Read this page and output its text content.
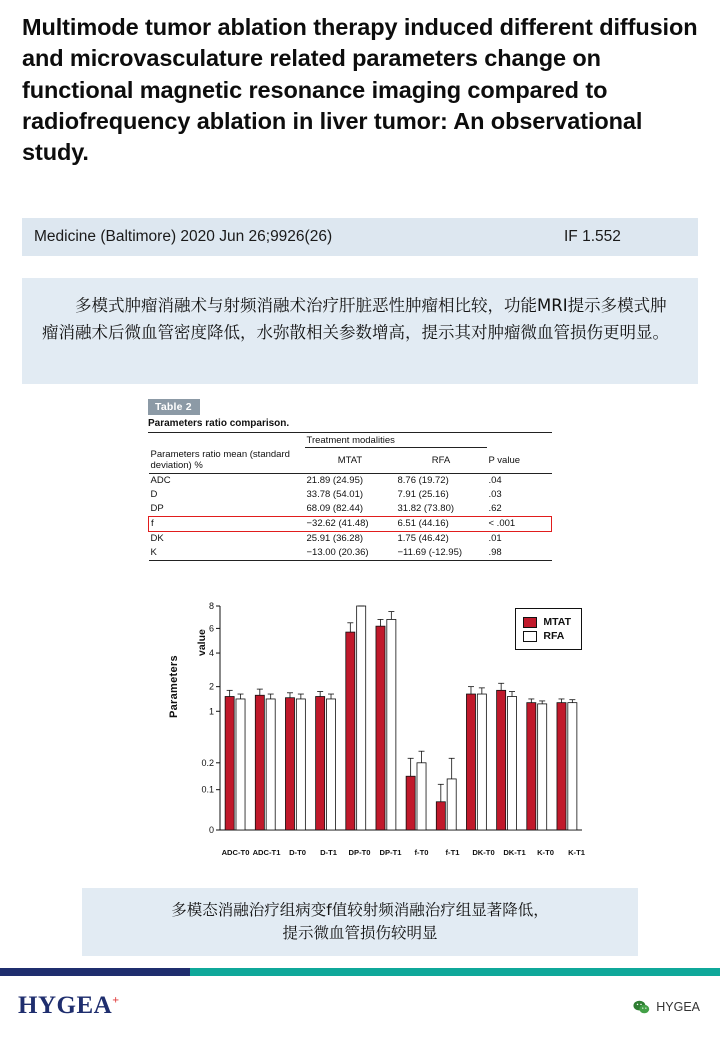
Multimode tumor ablation therapy induced different diffusion and microvasculature related parameters change on functional magnetic resonance imaging compared to radiofrequency ablation in liver tumor: An observational study.
Medicine (Baltimore) 2020 Jun 26;9926(26)	IF 1.552
多模式肿瘤消融术与射频消融术治疗肝脏恶性肿瘤相比较，功能MRI提示多模式肿瘤消融术后微血管密度降低，水弥散相关参数增高，提示其对肿瘤微血管损伤更明显。
Table 2
Parameters ratio comparison.
	Treatment modalities		
Parameters ratio mean (standard deviation) %	MTAT	RFA	P value
ADC	21.89 (24.95)	8.76 (19.72)	.04
D	33.78 (54.01)	7.91 (25.16)	.03
DP	68.09 (82.44)	31.82 (73.80)	.62
f	−32.62 (41.48)	6.51 (44.16)	< .001
DK	25.91 (36.28)	1.75 (46.42)	.01
K	−13.00 (20.36)	−11.69 (-12.95)	.98
Parameters
value
0
0.1
0.2
1
2
4
6
8
MTAT
RFA
ADC-T0 ADC-T1	D-T0	D-T1	DP-T0	DP-T1	f-T0	f-T1	DK-T0	DK-T1	K-T0	K-T1
多模态消融治疗组病变f值较射频消融治疗组显著降低，
提示微血管损伤较明显
HYGEA+
HYGEA
